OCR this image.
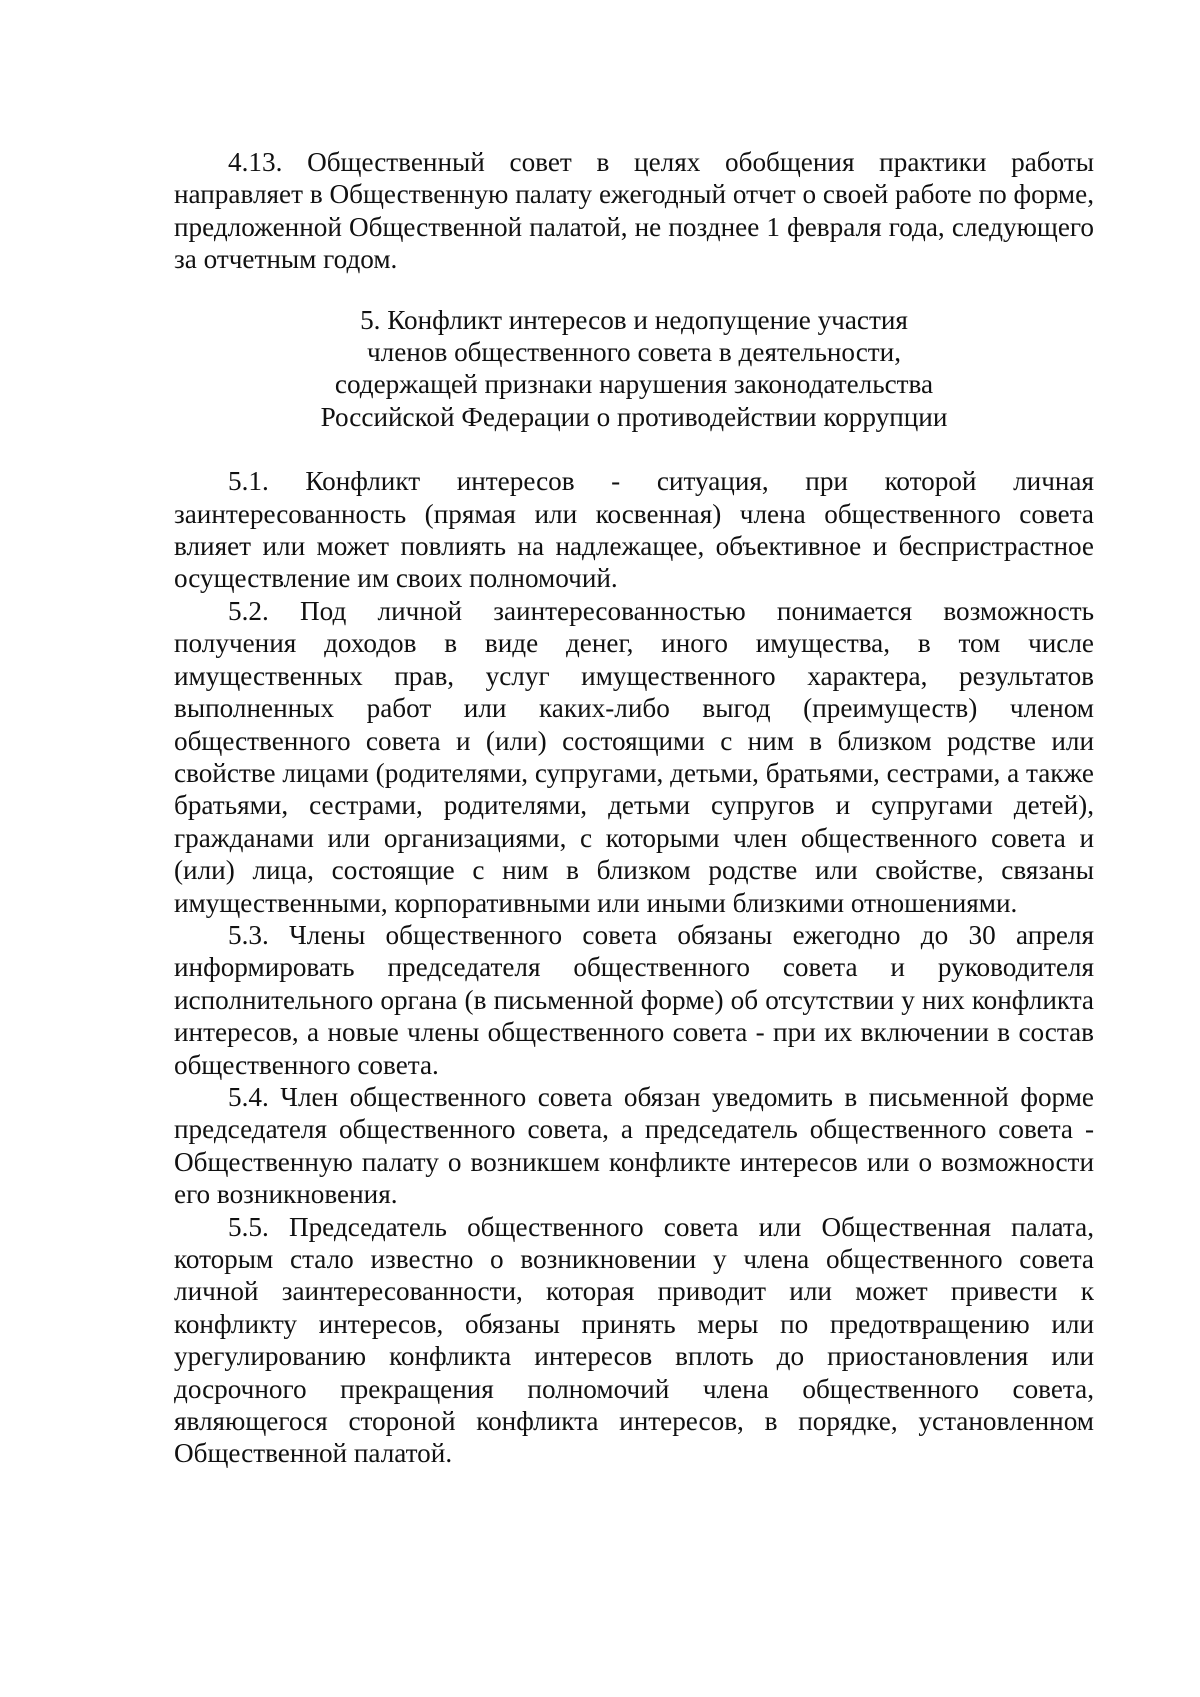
4.13. Общественный совет в целях обобщения практики работы направляет в Общественную палату ежегодный отчет о своей работе по форме, предложенной Общественной палатой, не позднее 1 февраля года, следующего за отчетным годом.

5. Конфликт интересов и недопущение участия
членов общественного совета в деятельности,
содержащей признаки нарушения законодательства
Российской Федерации о противодействии коррупции

5.1. Конфликт интересов - ситуация, при которой личная заинтересованность (прямая или косвенная) члена общественного совета влияет или может повлиять на надлежащее, объективное и беспристрастное осуществление им своих полномочий.

5.2. Под личной заинтересованностью понимается возможность получения доходов в виде денег, иного имущества, в том числе имущественных прав, услуг имущественного характера, результатов выполненных работ или каких-либо выгод (преимуществ) членом общественного совета и (или) состоящими с ним в близком родстве или свойстве лицами (родителями, супругами, детьми, братьями, сестрами, а также братьями, сестрами, родителями, детьми супругов и супругами детей), гражданами или организациями, с которыми член общественного совета и (или) лица, состоящие с ним в близком родстве или свойстве, связаны имущественными, корпоративными или иными близкими отношениями.

5.3. Члены общественного совета обязаны ежегодно до 30 апреля информировать председателя общественного совета и руководителя исполнительного органа (в письменной форме) об отсутствии у них конфликта интересов, а новые члены общественного совета - при их включении в состав общественного совета.

5.4. Член общественного совета обязан уведомить в письменной форме председателя общественного совета, а председатель общественного совета - Общественную палату о возникшем конфликте интересов или о возможности его возникновения.

5.5. Председатель общественного совета или Общественная палата, которым стало известно о возникновении у члена общественного совета личной заинтересованности, которая приводит или может привести к конфликту интересов, обязаны принять меры по предотвращению или урегулированию конфликта интересов вплоть до приостановления или досрочного прекращения полномочий члена общественного совета, являющегося стороной конфликта интересов, в порядке, установленном Общественной палатой.
